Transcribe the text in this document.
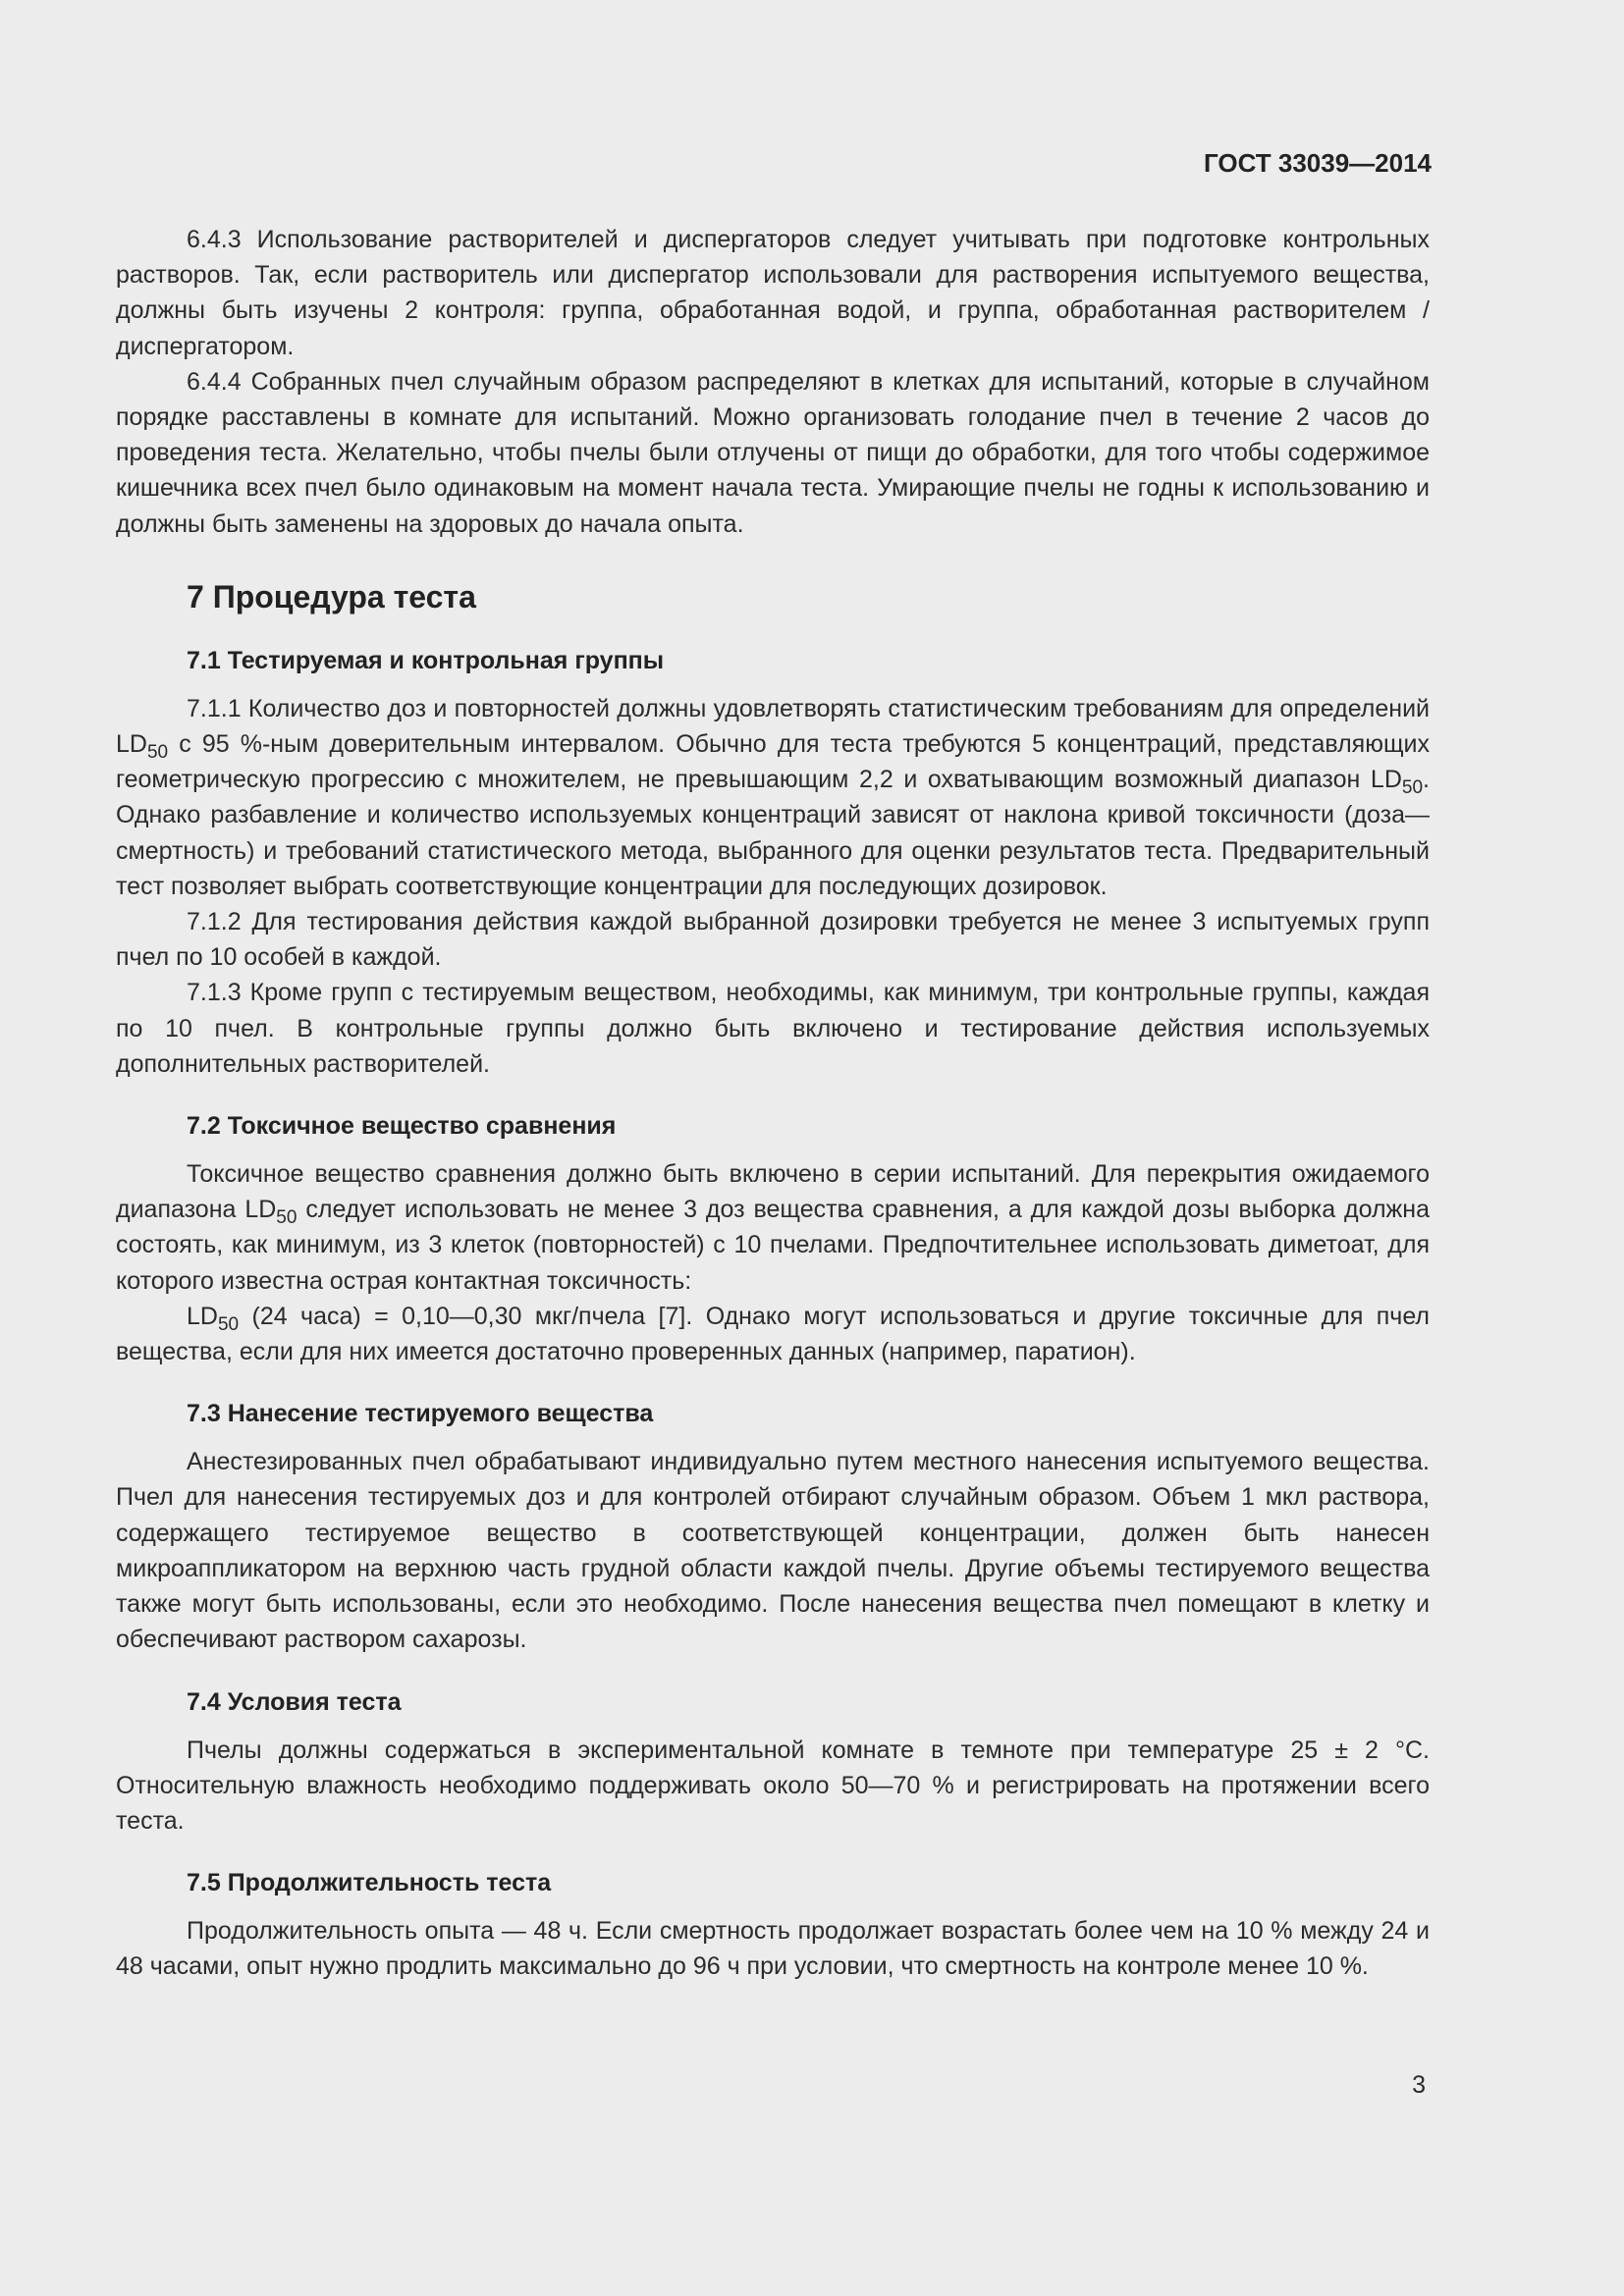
ГОСТ 33039—2014

6.4.3 Использование растворителей и диспергаторов следует учитывать при подготовке контрольных растворов. Так, если растворитель или диспергатор использовали для растворения испытуемого вещества, должны быть изучены 2 контроля: группа, обработанная водой, и группа, обработанная растворителем /диспергатором.

6.4.4 Собранных пчел случайным образом распределяют в клетках для испытаний, которые в случайном порядке расставлены в комнате для испытаний. Можно организовать голодание пчел в течение 2 часов до проведения теста. Желательно, чтобы пчелы были отлучены от пищи до обработки, для того чтобы содержимое кишечника всех пчел было одинаковым на момент начала теста. Умирающие пчелы не годны к использованию и должны быть заменены на здоровых до начала опыта.

7 Процедура теста
7.1 Тестируемая и контрольная группы

7.1.1 Количество доз и повторностей должны удовлетворять статистическим требованиям для определений $LD_{50}$ с 95 %-ным доверительным интервалом. Обычно для теста требуются 5 концентраций, представляющих геометрическую прогрессию с множителем, не превышающим 2,2 и охватывающим возможный диапазон $LD_{50}$. Однако разбавление и количество используемых концентраций зависят от наклона кривой токсичности (доза—смертность) и требований статистического метода, выбранного для оценки результатов теста. Предварительный тест позволяет выбрать соответствующие концентрации для последующих дозировок.

7.1.2 Для тестирования действия каждой выбранной дозировки требуется не менее 3 испытуемых групп пчел по 10 особей в каждой.

7.1.3 Кроме групп с тестируемым веществом, необходимы, как минимум, три контрольные группы, каждая по 10 пчел. В контрольные группы должно быть включено и тестирование действия используемых дополнительных растворителей.

7.2 Токсичное вещество сравнения

Токсичное вещество сравнения должно быть включено в серии испытаний. Для перекрытия ожидаемого диапазона $LD_{50}$ следует использовать не менее 3 доз вещества сравнения, а для каждой дозы выборка должна состоять, как минимум, из 3 клеток (повторностей) с 10 пчелами. Предпочтительнее использовать диметоат, для которого известна острая контактная токсичность:

$LD_{50}$ (24 часа) = 0,10—0,30 мкг/пчела [7]. Однако могут использоваться и другие токсичные для пчел вещества, если для них имеется достаточно проверенных данных (например, паратион).

7.3 Нанесение тестируемого вещества

Анестезированных пчел обрабатывают индивидуально путем местного нанесения испытуемого вещества. Пчел для нанесения тестируемых доз и для контролей отбирают случайным образом. Объем 1 мкл раствора, содержащего тестируемое вещество в соответствующей концентрации, должен быть нанесен микроаппликатором на верхнюю часть грудной области каждой пчелы. Другие объемы тестируемого вещества также могут быть использованы, если это необходимо. После нанесения вещества пчел помещают в клетку и обеспечивают раствором сахарозы.

7.4 Условия теста

Пчелы должны содержаться в экспериментальной комнате в темноте при температуре 25 ± 2 °С. Относительную влажность необходимо поддерживать около 50—70 % и регистрировать на протяжении всего теста.

7.5 Продолжительность теста

Продолжительность опыта — 48 ч. Если смертность продолжает возрастать более чем на 10 % между 24 и 48 часами, опыт нужно продлить максимально до 96 ч при условии, что смертность на контроле менее 10 %.

3
